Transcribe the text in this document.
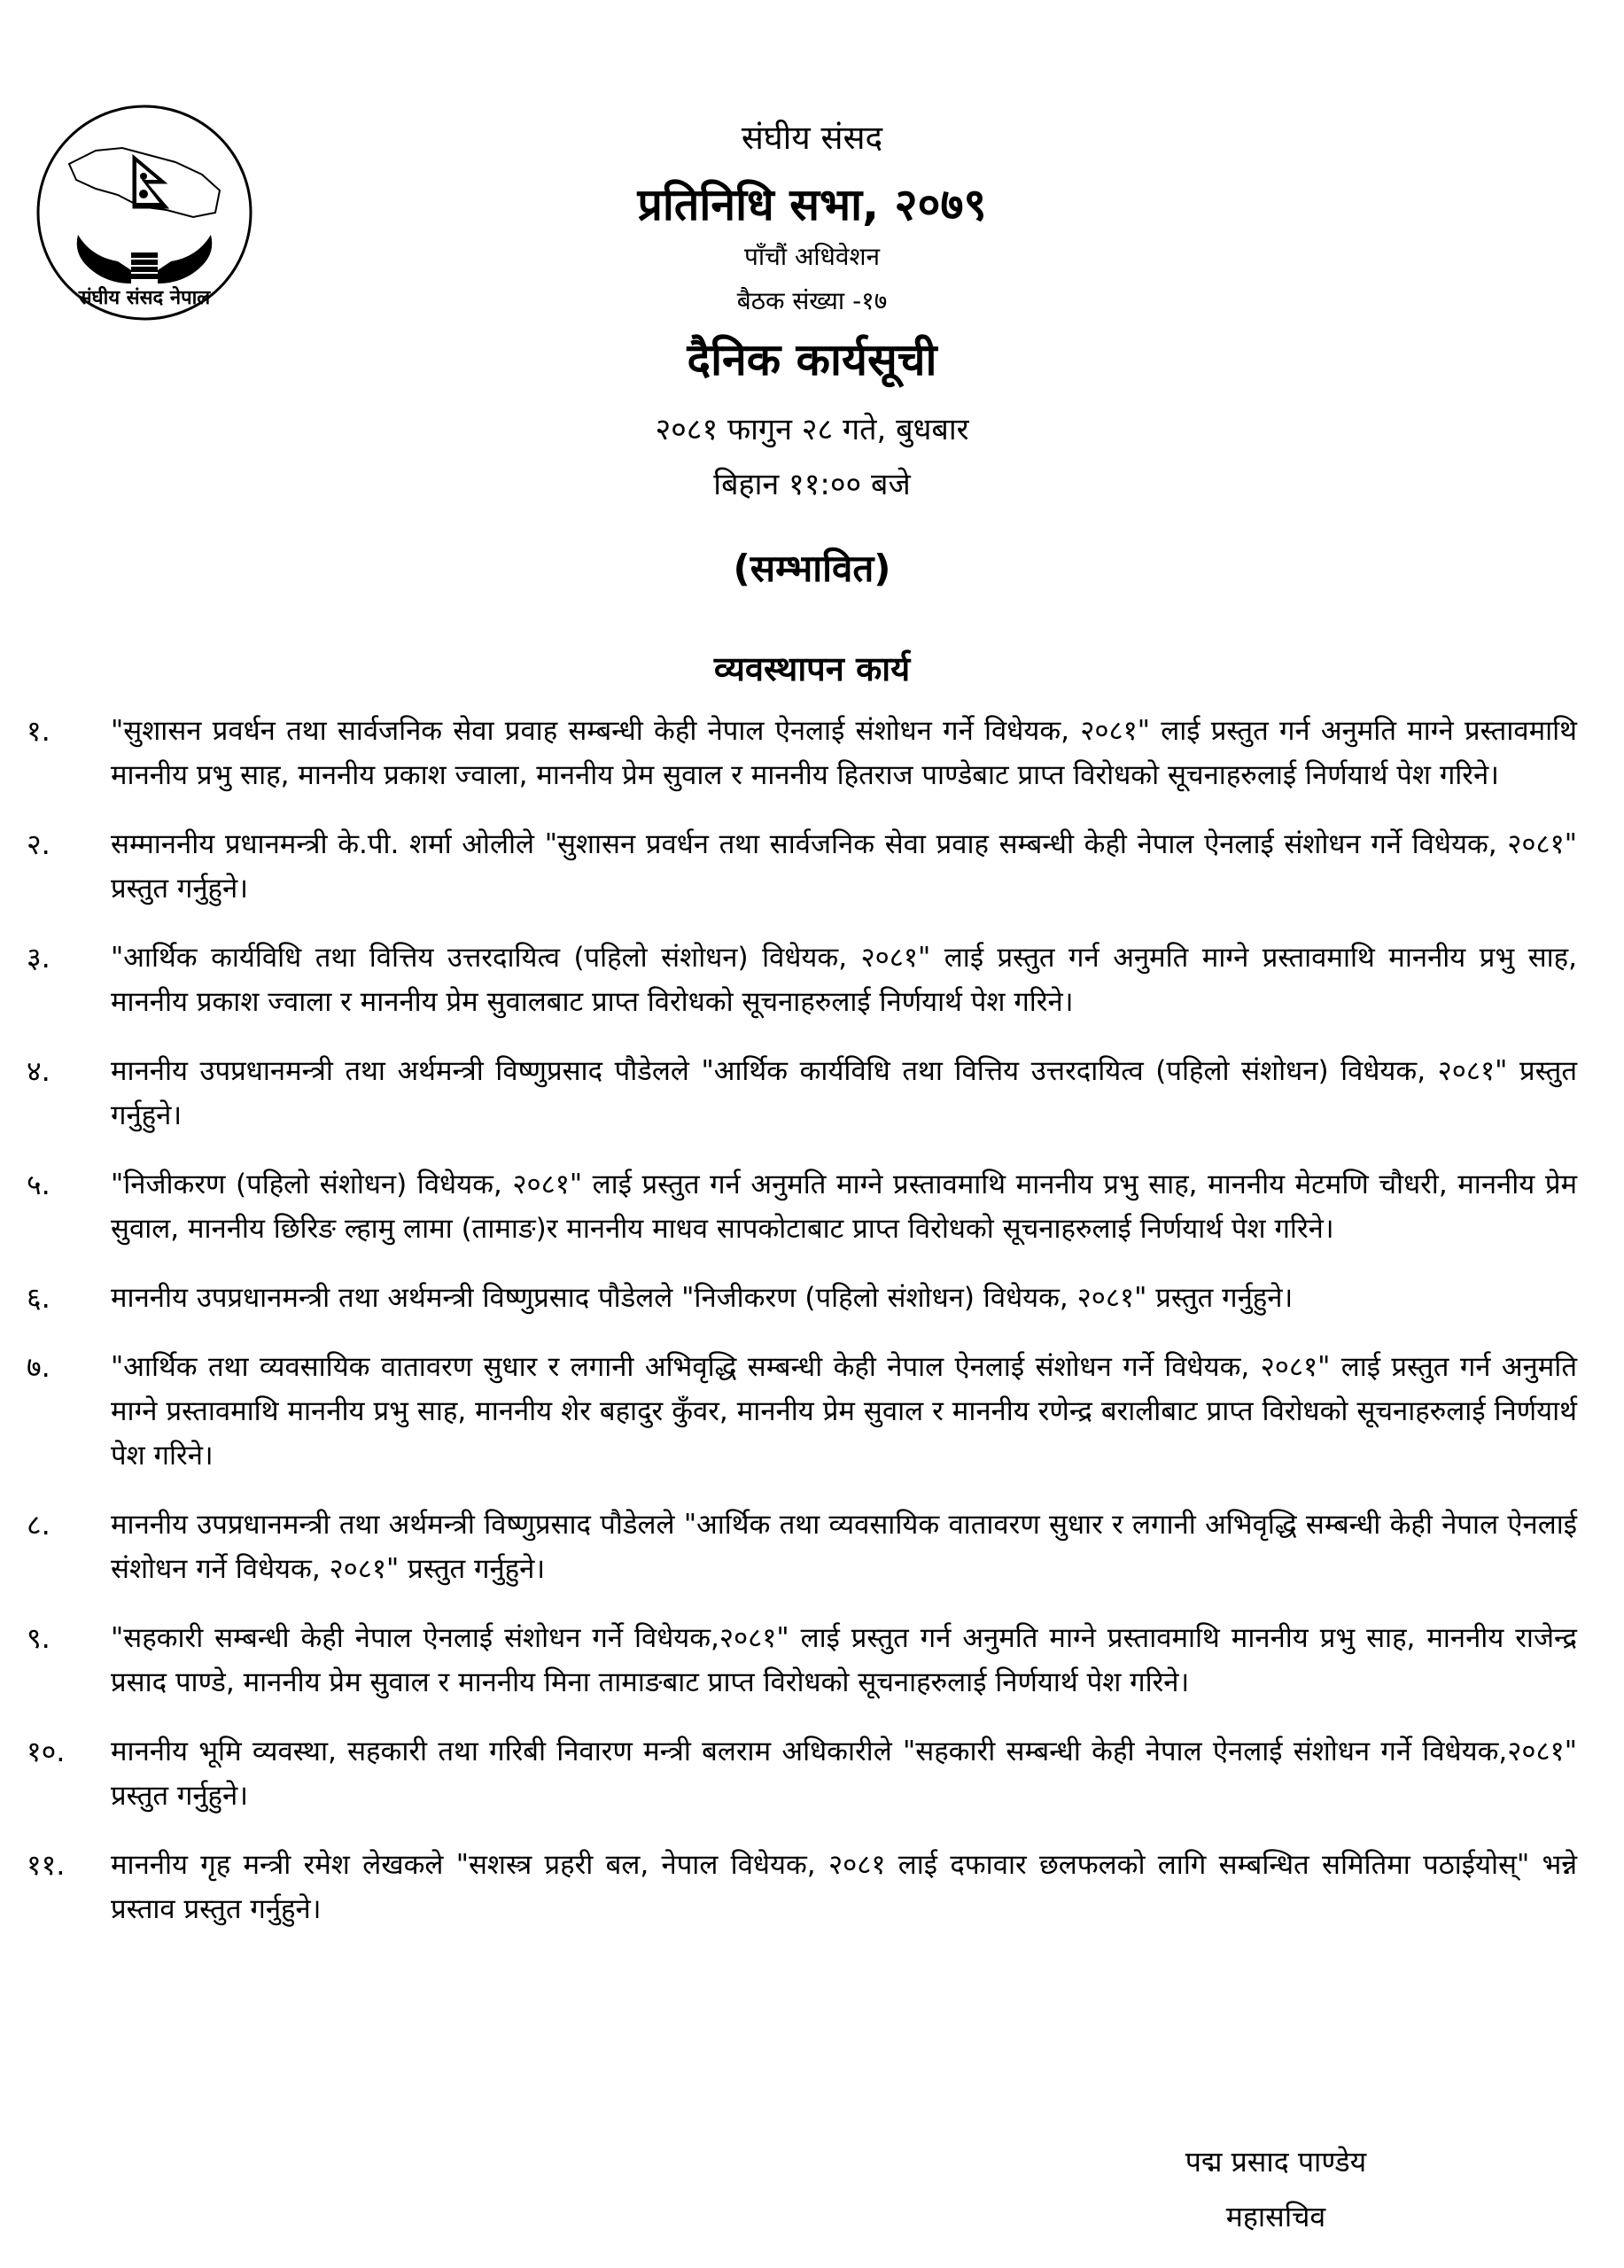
संघीय संसद नेपाल
संघीय संसद
प्रतिनिधि सभा, २०७९
पाँचौं अधिवेशन
बैठक संख्या -१७
दैनिक कार्यसूची
२०८१ फागुन २८ गते, बुधबार
बिहान ११:०० बजे
(सम्भावित)
व्यवस्थापन कार्य
१.	"सुशासन प्रवर्धन तथा सार्वजनिक सेवा प्रवाह सम्बन्धी केही नेपाल ऐनलाई संशोधन गर्ने विधेयक, २०८१" लाई प्रस्तुत गर्न अनुमति माग्ने प्रस्तावमाथि माननीय प्रभु साह, माननीय प्रकाश ज्वाला, माननीय प्रेम सुवाल र माननीय हितराज पाण्डेबाट प्राप्त विरोधको सूचनाहरुलाई निर्णयार्थ पेश गरिने।
२.	सम्माननीय प्रधानमन्त्री के.पी. शर्मा ओलीले "सुशासन प्रवर्धन तथा सार्वजनिक सेवा प्रवाह सम्बन्धी केही नेपाल ऐनलाई संशोधन गर्ने विधेयक, २०८१" प्रस्तुत गर्नुहुने।
३.	"आर्थिक कार्यविधि तथा वित्तिय उत्तरदायित्व (पहिलो संशोधन) विधेयक, २०८१" लाई प्रस्तुत गर्न अनुमति माग्ने प्रस्तावमाथि माननीय प्रभु साह, माननीय प्रकाश ज्वाला र माननीय प्रेम सुवालबाट प्राप्त विरोधको सूचनाहरुलाई निर्णयार्थ पेश गरिने।
४.	माननीय उपप्रधानमन्त्री तथा अर्थमन्त्री विष्णुप्रसाद पौडेलले "आर्थिक कार्यविधि तथा वित्तिय उत्तरदायित्व (पहिलो संशोधन) विधेयक, २०८१" प्रस्तुत गर्नुहुने।
५.	"निजीकरण (पहिलो संशोधन) विधेयक, २०८१" लाई प्रस्तुत गर्न अनुमति माग्ने प्रस्तावमाथि माननीय प्रभु साह, माननीय मेटमणि चौधरी, माननीय प्रेम सुवाल, माननीय छिरिङ ल्हामु लामा (तामाङ)र माननीय माधव सापकोटाबाट प्राप्त विरोधको सूचनाहरुलाई निर्णयार्थ पेश गरिने।
६.	माननीय उपप्रधानमन्त्री तथा अर्थमन्त्री विष्णुप्रसाद पौडेलले "निजीकरण (पहिलो संशोधन) विधेयक, २०८१" प्रस्तुत गर्नुहुने।
७.	"आर्थिक तथा व्यवसायिक वातावरण सुधार र लगानी अभिवृद्धि सम्बन्धी केही नेपाल ऐनलाई संशोधन गर्ने विधेयक, २०८१" लाई प्रस्तुत गर्न अनुमति माग्ने प्रस्तावमाथि माननीय प्रभु साह, माननीय शेर बहादुर कुँवर, माननीय प्रेम सुवाल र माननीय रणेन्द्र बरालीबाट प्राप्त विरोधको सूचनाहरुलाई निर्णयार्थ पेश गरिने।
८.	माननीय उपप्रधानमन्त्री तथा अर्थमन्त्री विष्णुप्रसाद पौडेलले "आर्थिक तथा व्यवसायिक वातावरण सुधार र लगानी अभिवृद्धि सम्बन्धी केही नेपाल ऐनलाई संशोधन गर्ने विधेयक, २०८१" प्रस्तुत गर्नुहुने।
९.	"सहकारी सम्बन्धी केही नेपाल ऐनलाई संशोधन गर्ने विधेयक,२०८१" लाई प्रस्तुत गर्न अनुमति माग्ने प्रस्तावमाथि माननीय प्रभु साह, माननीय राजेन्द्र प्रसाद पाण्डे, माननीय प्रेम सुवाल र माननीय मिना तामाङबाट प्राप्त विरोधको सूचनाहरुलाई निर्णयार्थ पेश गरिने।
१०.	माननीय भूमि व्यवस्था, सहकारी तथा गरिबी निवारण मन्त्री बलराम अधिकारीले "सहकारी सम्बन्धी केही नेपाल ऐनलाई संशोधन गर्ने विधेयक,२०८१" प्रस्तुत गर्नुहुने।
११.	माननीय गृह मन्त्री रमेश लेखकले "सशस्त्र प्रहरी बल, नेपाल विधेयक, २०८१ लाई दफावार छलफलको लागि सम्बन्धित समितिमा पठाईयोस्" भन्ने प्रस्ताव प्रस्तुत गर्नुहुने।
पद्म प्रसाद पाण्डेय
महासचिव
